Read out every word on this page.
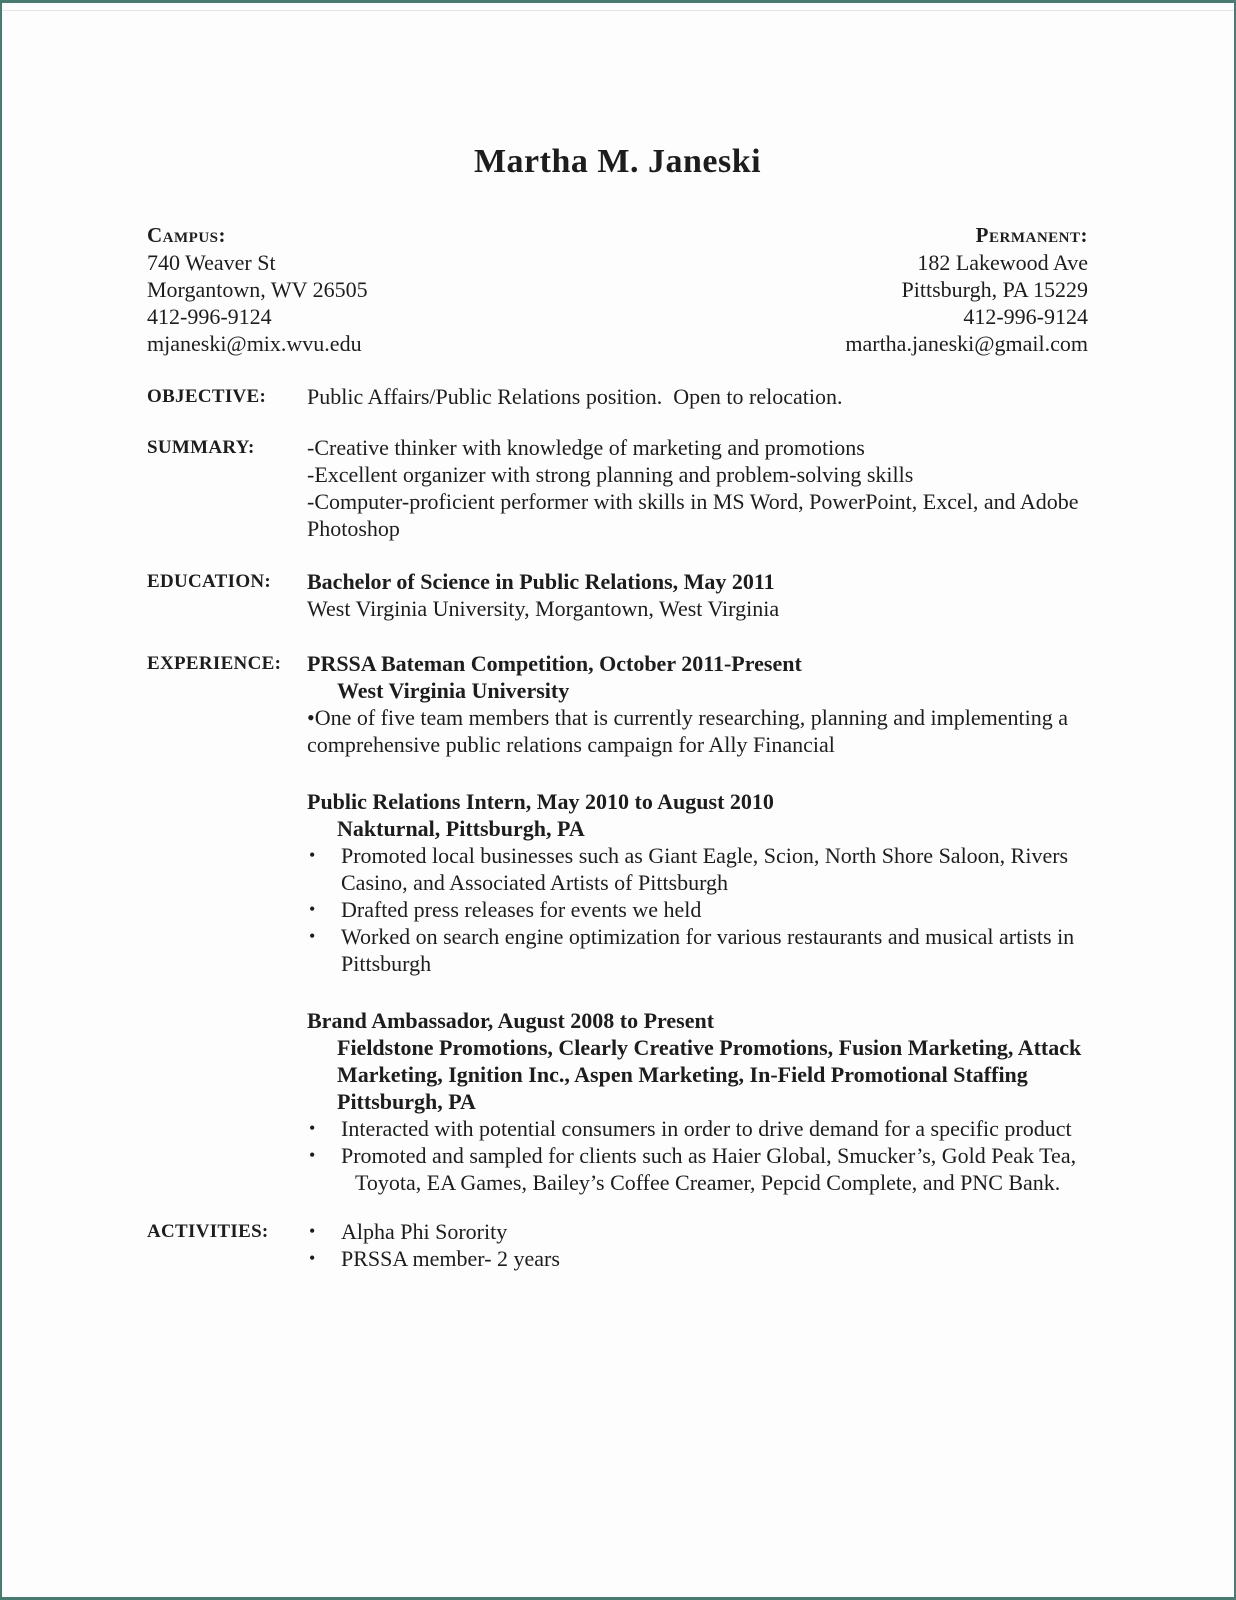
Martha M. Janeski
Campus:
740 Weaver St
Morgantown, WV 26505
412-996-9124
mjaneski@mix.wvu.edu
Permanent:
182 Lakewood Ave
Pittsburgh, PA 15229
412-996-9124
martha.janeski@gmail.com
OBJECTIVE:	Public Affairs/Public Relations position.  Open to relocation.
SUMMARY:	-Creative thinker with knowledge of marketing and promotions
-Excellent organizer with strong planning and problem-solving skills
-Computer-proficient performer with skills in MS Word, PowerPoint, Excel, and Adobe Photoshop
EDUCATION:	Bachelor of Science in Public Relations, May 2011
West Virginia University, Morgantown, West Virginia
EXPERIENCE:	PRSSA Bateman Competition, October 2011-Present
West Virginia University
•One of five team members that is currently researching, planning and implementing a comprehensive public relations campaign for Ally Financial
Public Relations Intern, May 2010 to August 2010
Nakturnal, Pittsburgh, PA
•	Promoted local businesses such as Giant Eagle, Scion, North Shore Saloon, Rivers Casino, and Associated Artists of Pittsburgh
•	Drafted press releases for events we held
•	Worked on search engine optimization for various restaurants and musical artists in Pittsburgh
Brand Ambassador, August 2008 to Present
Fieldstone Promotions, Clearly Creative Promotions, Fusion Marketing, Attack Marketing, Ignition Inc., Aspen Marketing, In-Field Promotional Staffing Pittsburgh, PA
•	Interacted with potential consumers in order to drive demand for a specific product
•	Promoted and sampled for clients such as Haier Global, Smucker’s, Gold Peak Tea, Toyota, EA Games, Bailey’s Coffee Creamer, Pepcid Complete, and PNC Bank.
ACTIVITIES:	•	Alpha Phi Sorority
•	PRSSA member- 2 years
